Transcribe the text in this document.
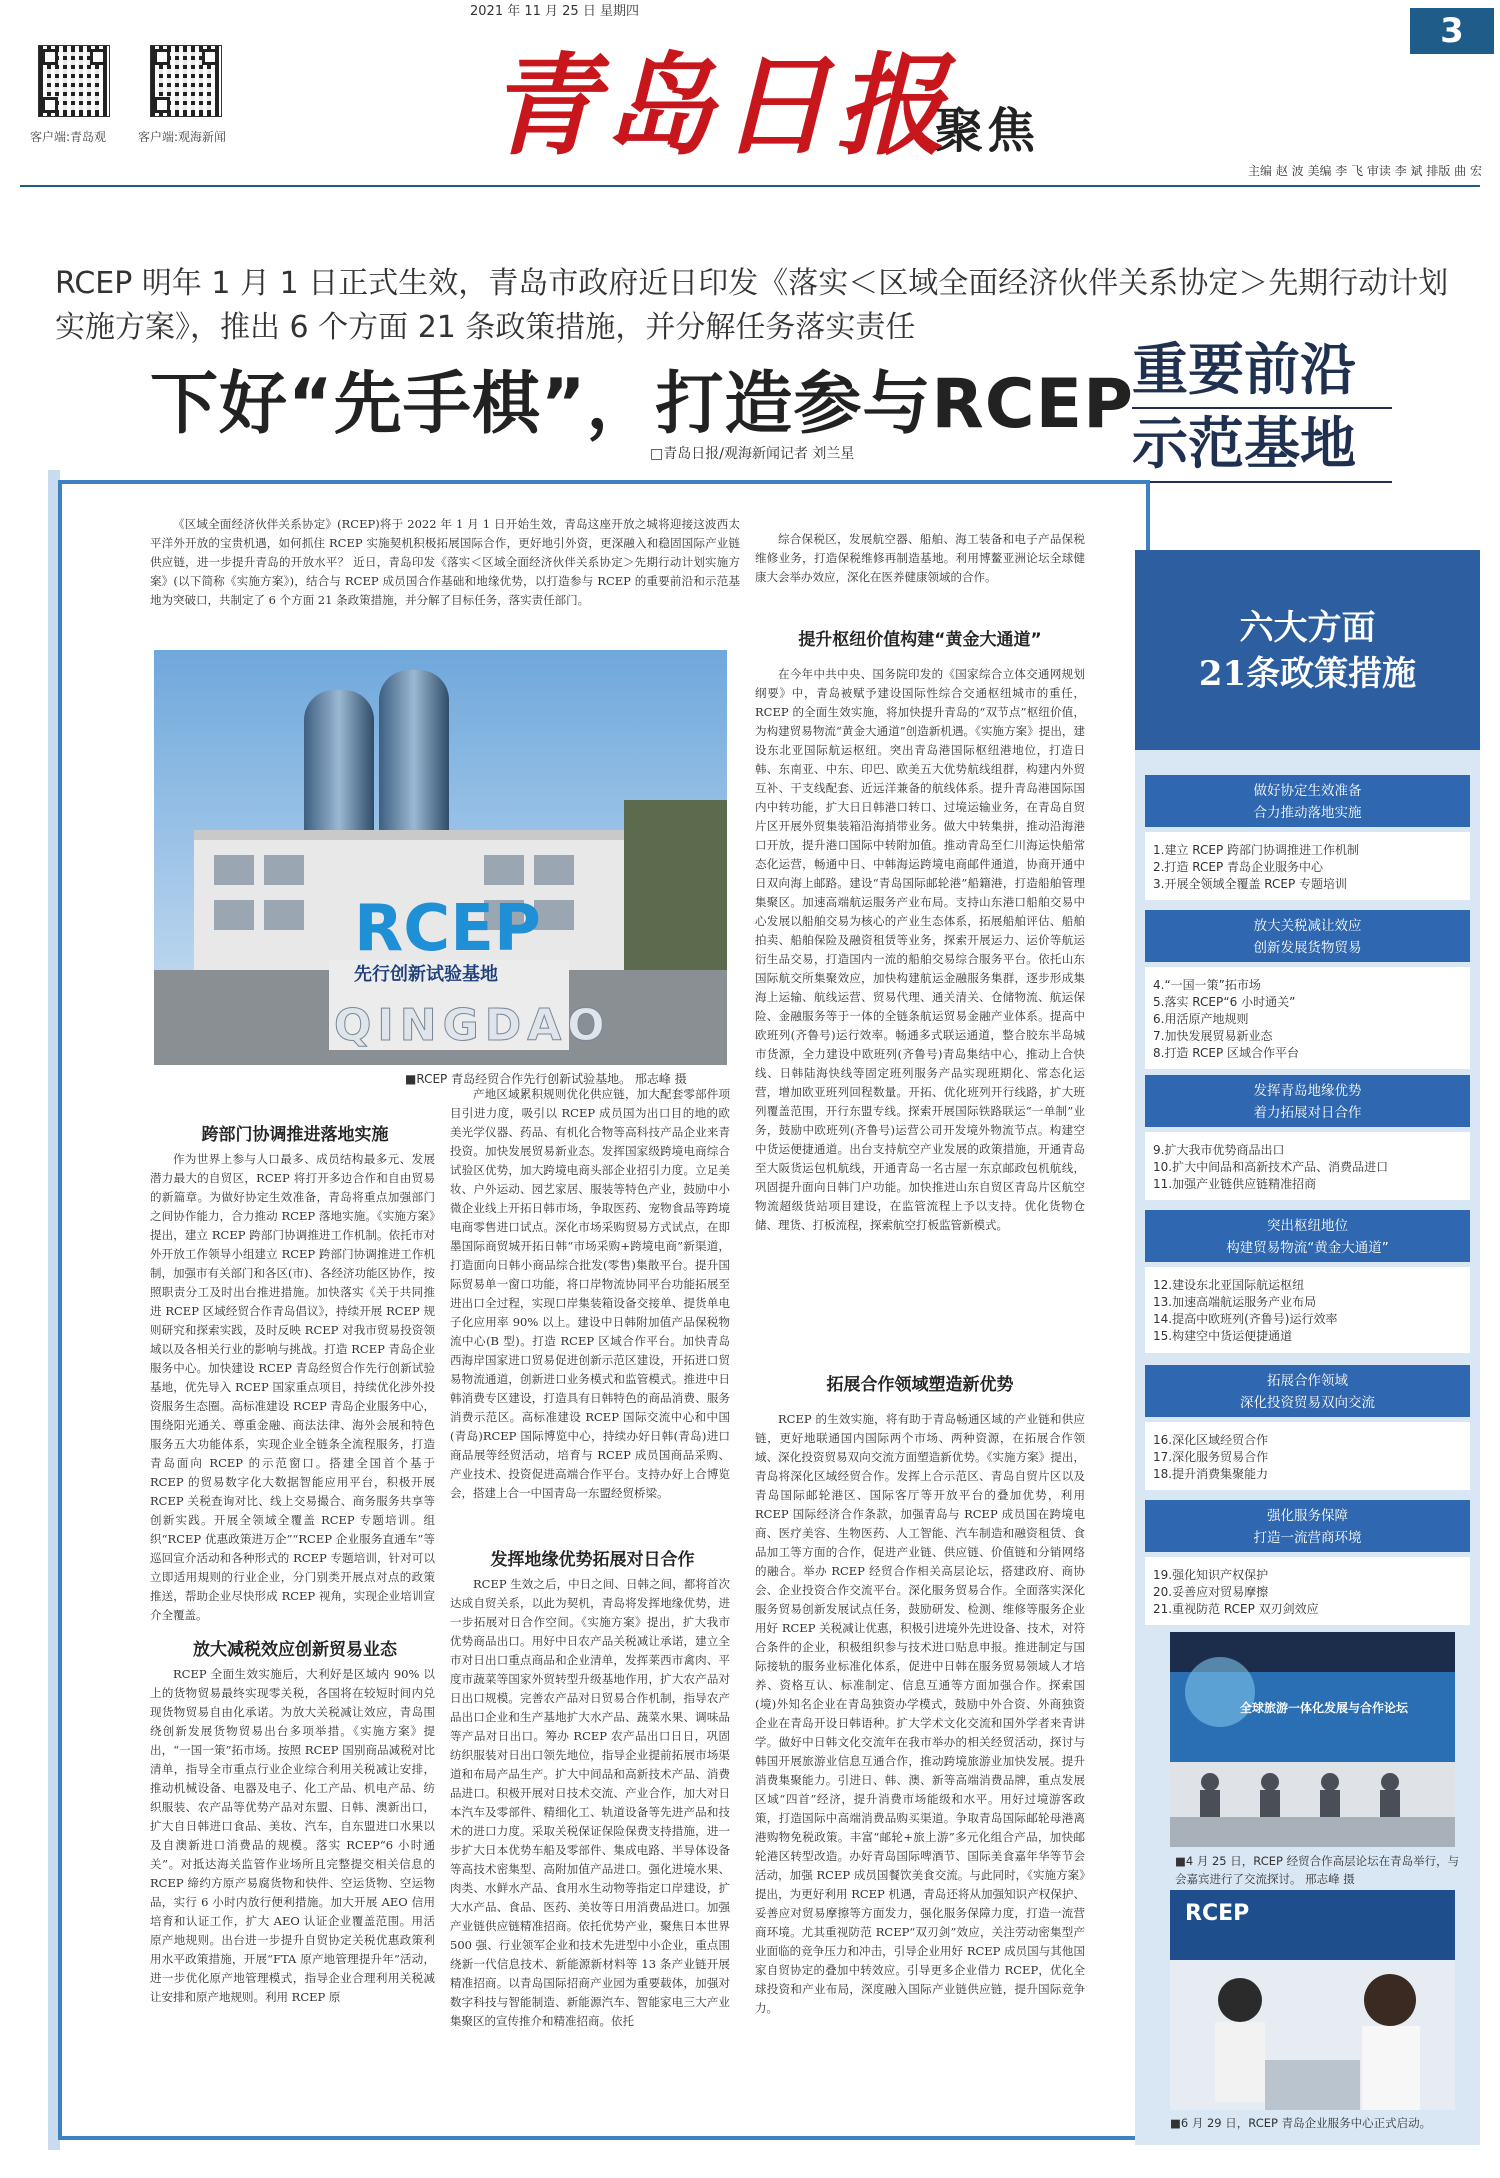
2021 年 11 月 25 日 星期四	3
客户端:青岛观	客户端:观海新闻 青岛日报
聚焦
主编 赵 波 美编 李 飞 审读 李 斌 排版 曲 宏
RCEP 明年 1 月 1 日正式生效，青岛市政府近日印发《落实＜区域全面经济伙伴关系协定＞先期行动计划实施方案》，推出 6 个方面 21 条政策措施，并分解任务落实责任
下好“先手棋”，打造参与RCEP
重要前沿
示范基地
□青岛日报/观海新闻记者 刘兰星

《区域全面经济伙伴关系协定》(RCEP)将于 2022 年 1 月 1 日开始生效，青岛这座开放之城将迎接这波西太平洋外开放的宝贵机遇，如何抓住 RCEP 实施契机积极拓展国际合作，更好地引外资，更深融入和稳固国际产业链供应链，进一步提升青岛的开放水平？ 近日，青岛印发《落实＜区域全面经济伙伴关系协定＞先期行动计划实施方案》(以下简称《实施方案》)，结合与 RCEP 成员国合作基础和地缘优势，以打造参与 RCEP 的重要前沿和示范基地为突破口，共制定了 6 个方面 21 条政策措施，并分解了目标任务，落实责任部门。

RCEP
先行创新试验基地
QINGDAO
■RCEP 青岛经贸合作先行创新试验基地。 邢志峰 摄
跨部门协调推进落地实施

作为世界上参与人口最多、成员结构最多元、发展潜力最大的自贸区，RCEP 将打开多边合作和自由贸易的新篇章。为做好协定生效准备，青岛将重点加强部门之间协作能力，合力推动 RCEP 落地实施。《实施方案》提出，建立 RCEP 跨部门协调推进工作机制。依托市对外开放工作领导小组建立 RCEP 跨部门协调推进工作机制，加强市有关部门和各区(市)、各经济功能区协作，按照职责分工及时出台推进措施。加快落实《关于共同推进 RCEP 区域经贸合作青岛倡议》，持续开展 RCEP 规则研究和探索实践，及时反映 RCEP 对我市贸易投资领域以及各相关行业的影响与挑战。打造 RCEP 青岛企业服务中心。加快建设 RCEP 青岛经贸合作先行创新试验基地，优先导入 RCEP 国家重点项目，持续优化涉外投资服务生态圈。高标准建设 RCEP 青岛企业服务中心，围绕阳光通关、尊重金融、商法法律、海外会展和特色服务五大功能体系，实现企业全链条全流程服务，打造青岛面向 RCEP 的示范窗口。搭建全国首个基于 RCEP 的贸易数字化大数据智能应用平台，积极开展 RCEP 关税查询对比、线上交易撮合、商务服务共享等创新实践。开展全领域全覆盖 RCEP 专题培训。组织“RCEP 优惠政策进万企”“RCEP 企业服务直通车”等巡回宣介活动和各种形式的 RCEP 专题培训，针对可以立即适用規则的行业企业，分门别类开展点对点的政策推送，帮助企业尽快形成 RCEP 视角，实现企业培训宣介全覆盖。

放大减税效应创新贸易业态

RCEP 全面生效实施后，大利好是区域内 90% 以上的货物贸易最终实现零关税，各国将在较短时间内兑现货物贸易自由化承诺。为放大关税减让效应，青岛围绕创新发展货物贸易出台多项举措。《实施方案》提出，“一国一策”拓市场。按照 RCEP 国别商品减税对比清单，指导全市重点行业企业综合利用关税减让安排，推动机械设备、电器及电子、化工产品、机电产品、纺织服装、农产品等优势产品对东盟、日韩、澳新出口，扩大自日韩进口食品、美妆、汽车，自东盟进口水果以及自澳新进口消费品的规模。落实 RCEP“6 小时通关”。对抵达海关监管作业场所且完整提交相关信息的 RCEP 缔约方原产易腐货物和快件、空运货物、空运物品，实行 6 小时内放行便利措施。加大开展 AEO 信用培育和认证工作，扩大 AEO 认证企业覆盖范围。用活原产地规则。出台进一步提升自贸协定关税优惠政策利用水平政策措施，开展“FTA 原产地管理提升年”活动，进一步优化原产地管理模式，指导企业合理利用关税减让安排和原产地规则。利用 RCEP 原

产地区域累积规则优化供应链，加大配套零部件项目引进力度，吸引以 RCEP 成员国为出口目的地的欧美光学仪器、药品、有机化合物等高科技产品企业来青投资。加快发展贸易新业态。发挥国家级跨境电商综合试验区优势，加大跨境电商头部企业招引力度。立足美妆、户外运动、园艺家居、服装等特色产业，鼓励中小微企业线上开拓日韩市场，争取医药、宠物食品等跨境电商零售进口试点。深化市场采购贸易方式试点，在即墨国际商贸城开拓日韩“市场采购+跨境电商”新渠道，打造面向日韩小商品综合批发(零售)集散平台。提升国际贸易单一窗口功能，将口岸物流协同平台功能拓展至进出口全过程，实现口岸集装箱设备交接单、提货单电子化应用率 90% 以上。建设中日韩附加值产品保税物流中心(B 型)。打造 RCEP 区域合作平台。加快青岛西海岸国家进口贸易促进创新示范区建设，开拓进口贸易物流通道，创新进口业务模式和监管模式。推进中日韩消费专区建设，打造具有日韩特色的商品消费、服务消费示范区。高标准建设 RCEP 国际交流中心和中国(青岛)RCEP 国际博览中心，持续办好日韩(青岛)进口商品展等经贸活动，培育与 RCEP 成员国商品采购、产业技术、投资促进高端合作平台。支持办好上合博览会，搭建上合一中国青岛一东盟经贸桥梁。

发挥地缘优势拓展对日合作

RCEP 生效之后，中日之间、日韩之间，都将首次达成自贸关系，以此为契机，青岛将发挥地缘优势，进一步拓展对日合作空间。《实施方案》提出，扩大我市优势商品出口。用好中日农产品关税减让承诺，建立全市对日出口重点商品和企业清单，发挥莱西市禽肉、平度市蔬菜等国家外贸转型升级基地作用，扩大农产品对日出口规模。完善农产品对日贸易合作机制，指导农产品出口企业和生产基地扩大水产品、蔬菜水果、调味品等产品对日出口。筹办 RCEP 农产品出口日日，巩固纺织服装对日出口领先地位，指导企业提前拓展市场渠道和布局产品生产。扩大中间品和高新技术产品、消费品进口。积极开展对日技术交流、产业合作，加大对日本汽车及零部件、精细化工、轨道设备等先进产品和技术的进口力度。采取关税保证保险保费支持措施，进一步扩大日本优势车船及零部件、集成电路、半导体设备等高技术密集型、高附加值产品进口。强化进境水果、肉类、水鲜水产品、食用水生动物等指定口岸建设，扩大水产品、食品、医药、美妆等日用消费品进口。加强产业链供应链精准招商。依托优势产业，聚焦日本世界 500 强、行业领军企业和技术先进型中小企业，重点围绕新一代信息技术、新能源新材料等 13 条产业链开展精准招商。以青岛国际招商产业园为重要载体，加强对数字科技与智能制造、新能源汽车、智能家电三大产业集聚区的宣传推介和精准招商。依托

综合保税区，发展航空器、船舶、海工装备和电子产品保税维修业务，打造保税维修再制造基地。利用博鳌亚洲论坛全球健康大会举办效应，深化在医养健康领域的合作。

提升枢纽价值构建“黄金大通道”

在今年中共中央、国务院印发的《国家综合立体交通网规划纲要》中，青岛被赋予建设国际性综合交通枢纽城市的重任，RCEP 的全面生效实施，将加快提升青岛的“双节点”枢纽价值，为构建贸易物流“黄金大通道”创造新机遇。《实施方案》提出，建设东北亚国际航运枢纽。突出青岛港国际枢纽港地位，打造日韩、东南亚、中东、印巴、欧美五大优势航线组群，构建内外贸互补、干支线配套、近远洋兼备的航线体系。提升青岛港国际国内中转功能，扩大日日韩港口转口、过境运输业务，在青岛自贸片区开展外贸集装箱沿海捎带业务。做大中转集拼，推动沿海港口开放，提升港口国际中转附加值。推动青岛至仁川海运快船常态化运营，畅通中日、中韩海运跨境电商邮件通道，协商开通中日双向海上邮路。建设“青岛国际邮轮港”船籍港，打造船舶管理集聚区。加速高端航运服务产业布局。支持山东港口船舶交易中心发展以船舶交易为核心的产业生态体系，拓展船舶评估、船舶拍卖、船舶保险及融资租赁等业务，探索开展运力、运价等航运衍生品交易，打造国内一流的船舶交易综合服务平台。依托山东国际航交所集聚效应，加快构建航运金融服务集群，逐步形成集海上运输、航线运营、贸易代理、通关清关、仓储物流、航运保险、金融服务等于一体的全链条航运贸易金融产业体系。提高中欧班列(齐鲁号)运行效率。畅通多式联运通道，整合胶东半岛城市货源，全力建设中欧班列(齐鲁号)青岛集结中心，推动上合快线、日韩陆海快线等固定班列服务产品实现班期化、常态化运营，增加欧亚班列回程数量。开拓、优化班列开行线路，扩大班列覆盖范围，开行东盟专线。探索开展国际铁路联运“一单制”业务，鼓励中欧班列(齐鲁号)运营公司开发境外物流节点。构建空中货运便捷通道。出台支持航空产业发展的政策措施，开通青岛至大阪货运包机航线，开通青岛一名古屋一东京邮政包机航线，巩固提升面向日韩门户功能。加快推进山东自贸区青岛片区航空物流超级货站项目建设，在监管流程上予以支持。优化货物仓储、理货、打板流程，探索航空打板监管新模式。

拓展合作领域塑造新优势

RCEP 的生效实施，将有助于青岛畅通区域的产业链和供应链，更好地联通国内国际两个市场、两种资源，在拓展合作领域、深化投资贸易双向交流方面塑造新优势。《实施方案》提出，青岛将深化区域经贸合作。发挥上合示范区、青岛自贸片区以及青岛国际邮轮港区、国际客厅等开放平台的叠加优势，利用 RCEP 国际经济合作条款，加强青岛与 RCEP 成员国在跨境电商、医疗美容、生物医药、人工智能、汽车制造和融资租赁、食品加工等方面的合作，促进产业链、供应链、价值链和分销网络的融合。举办 RCEP 经贸合作相关高层论坛，搭建政府、商协会、企业投资合作交流平台。深化服务贸易合作。全面落实深化服务贸易创新发展试点任务，鼓励研发、检测、维修等服务企业用好 RCEP 关税减让优惠，积极引进境外先进设备、技术，对符合条件的企业，积极组织参与技术进口贴息申报。推进制定与国际接轨的服务业标准化体系，促进中日韩在服务贸易领域人才培养、资格互认、标准制定、信息互通等方面加强合作。探索国(境)外知名企业在青岛独资办学模式，鼓励中外合资、外商独资企业在青岛开设日韩语种。扩大学术文化交流和国外学者来青讲学。做好中日韩文化交流年在我市举办的相关经贸活动，探讨与韩国开展旅游业信息互通合作，推动跨境旅游业加快发展。提升消费集聚能力。引进日、韩、澳、新等高端消费品牌，重点发展区域“四首”经济，提升消费市场能级和水平。用好过境游客政策，打造国际中高端消费品购买渠道。争取青岛国际邮轮母港离港购物免税政策。丰富“邮轮+旅上游”多元化组合产品，加快邮轮港区转型改造。办好青岛国际啤酒节、国际美食嘉年华等节会活动，加强 RCEP 成员国餐饮美食交流。与此同时，《实施方案》提出，为更好利用 RCEP 机遇，青岛还将从加强知识产权保护、妥善应对贸易摩擦等方面发力，强化服务保障力度，打造一流营商环境。尤其重视防范 RCEP“双刃剑”效应，关注劳动密集型产业面临的竞争压力和冲击，引导企业用好 RCEP 成员国与其他国家自贸协定的叠加中转效应。引导更多企业借力 RCEP，优化全球投资和产业布局，深度融入国际产业链供应链，提升国际竞争力。

六大方面
21条政策措施
做好协定生效准备
合力推动落地实施
1.建立 RCEP 跨部门协调推进工作机制
2.打造 RCEP 青岛企业服务中心
3.开展全领域全覆盖 RCEP 专题培训
放大关税减让效应
创新发展货物贸易
4.“一国一策”拓市场
5.落实 RCEP“6 小时通关”
6.用活原产地规则
7.加快发展贸易新业态
8.打造 RCEP 区域合作平台
发挥青岛地缘优势
着力拓展对日合作
9.扩大我市优势商品出口
10.扩大中间品和高新技术产品、消费品进口
11.加强产业链供应链精准招商
突出枢纽地位
构建贸易物流“黄金大通道”
12.建设东北亚国际航运枢纽
13.加速高端航运服务产业布局
14.提高中欧班列(齐鲁号)运行效率
15.构建空中货运便捷通道
拓展合作领域
深化投资贸易双向交流
16.深化区域经贸合作
17.深化服务贸易合作
18.提升消费集聚能力
强化服务保障
打造一流营商环境
19.强化知识产权保护
20.妥善应对贸易摩擦
21.重视防范 RCEP 双刃剑效应
全球旅游一体化发展与合作论坛
■4 月 25 日，RCEP 经贸合作高层论坛在青岛举行，与会嘉宾进行了交流探讨。 邢志峰 摄
RCEP
■6 月 29 日，RCEP 青岛企业服务中心正式启动。
